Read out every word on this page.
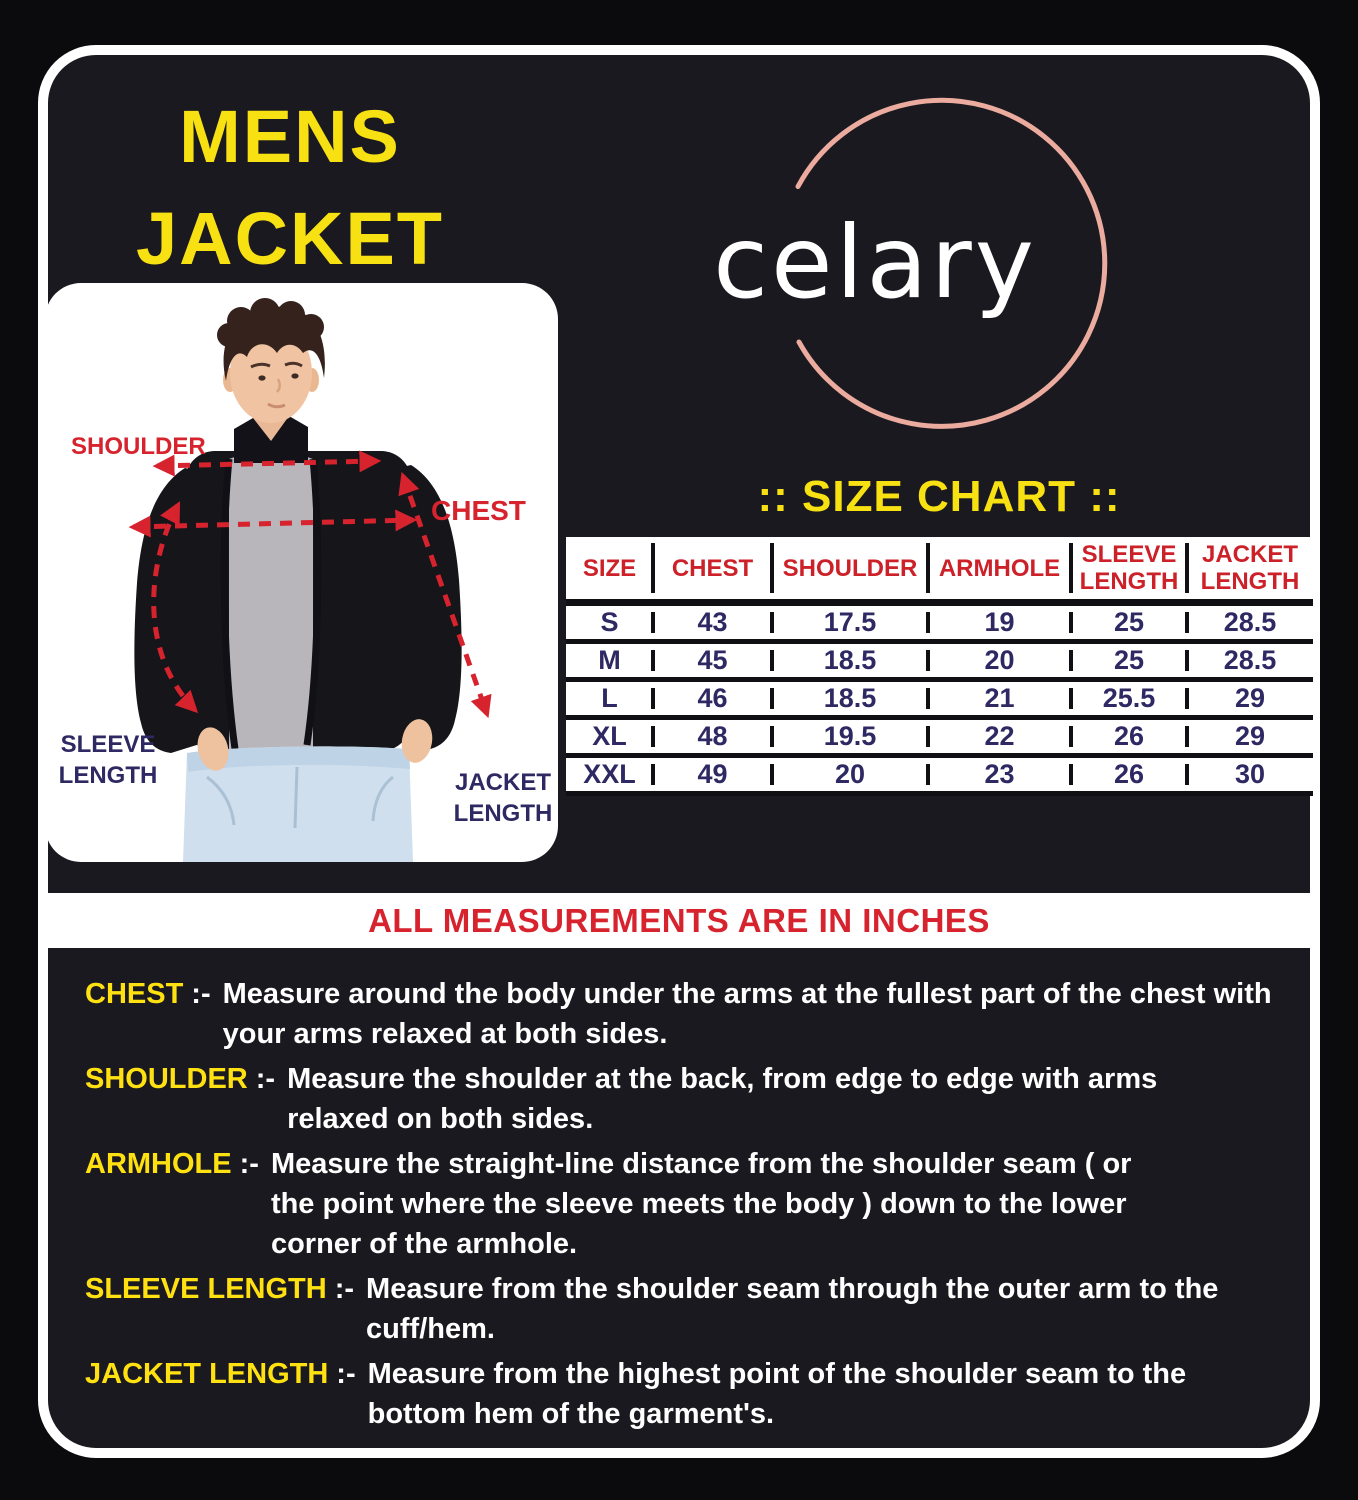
MENS
JACKET	celary
SHOULDER
CHEST
SLEEVE
LENGTH	JACKET
LENGTH
:: SIZE CHART ::
SIZE	CHEST	SHOULDER	ARMHOLE	SLEEVE LENGTH	JACKET LENGTH
S	43	17.5	19	25	28.5
M	45	18.5	20	25	28.5
L	46	18.5	21	25.5	29
XL	48	19.5	22	26	29
XXL	49	20	23	26	30
ALL MEASUREMENTS ARE IN INCHES
CHEST :- Measure around the body under the arms at the fullest part of the chest with your arms relaxed at both sides.
SHOULDER :- Measure the shoulder at the back, from edge to edge with arms relaxed on both sides.
ARMHOLE :- Measure the straight-line distance from the shoulder seam ( or the point where the sleeve meets the body ) down to the lower corner of the armhole.
SLEEVE LENGTH :- Measure from the shoulder seam through the outer arm to the cuff/hem.
JACKET LENGTH :- Measure from the highest point of the shoulder seam to the bottom hem of the garment's.
